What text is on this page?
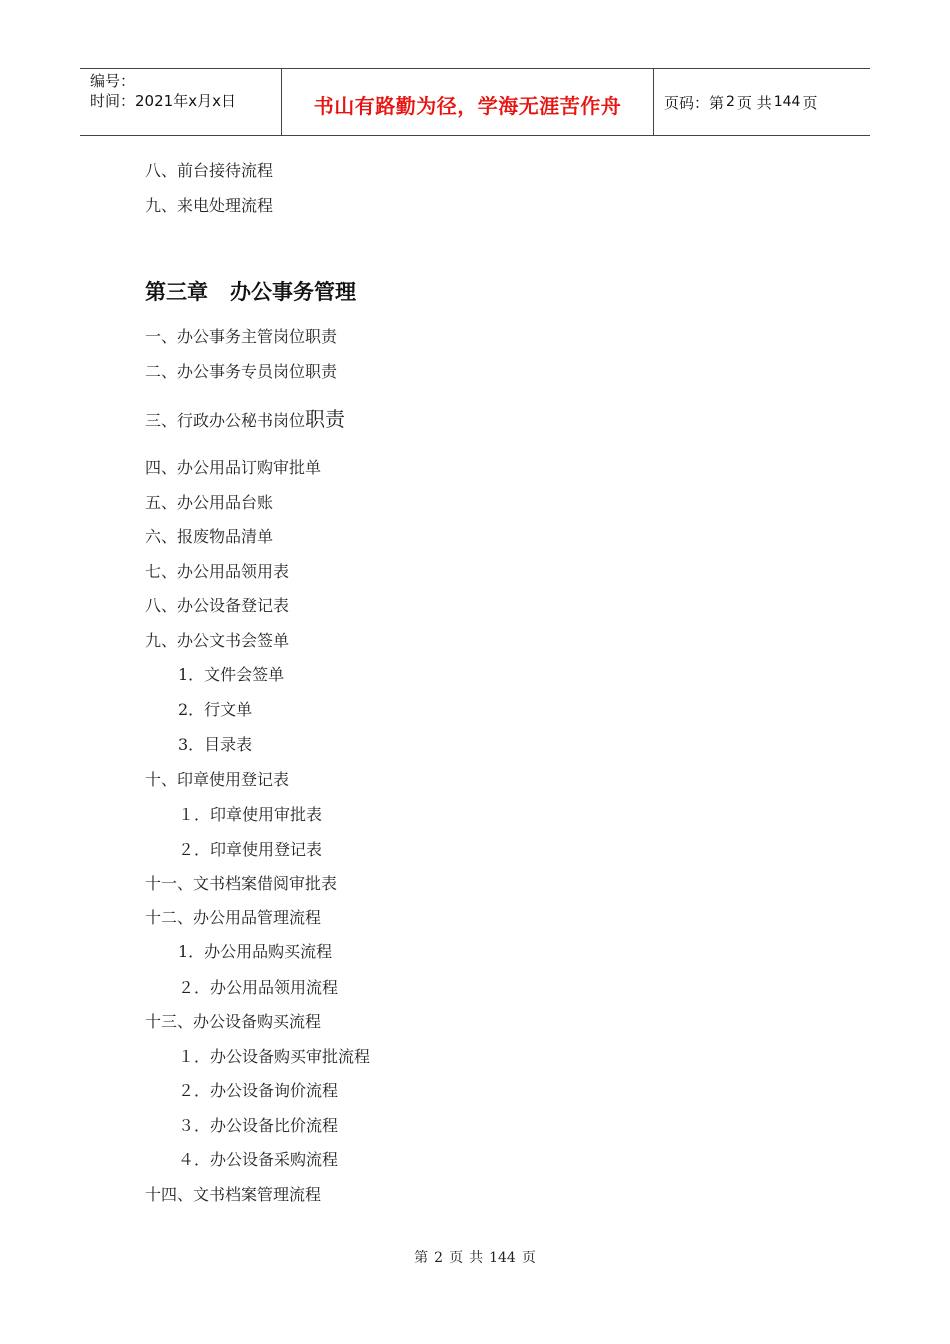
编号：
时间：2021年x月x日	书山有路勤为径，学海无涯苦作舟	页码：第 2 页 共 144 页
八、前台接待流程
九、来电处理流程
第三章 办公事务管理
一、办公事务主管岗位职责
二、办公事务专员岗位职责
三、行政办公秘书岗位职责
四、办公用品订购审批单
五、办公用品台账
六、报废物品清单
七、办公用品领用表
八、办公设备登记表
九、办公文书会签单
1．文件会签单
2．行文单
3．目录表
十、印章使用登记表
１．印章使用审批表
２．印章使用登记表
十一、文书档案借阅审批表
十二、办公用品管理流程
1．办公用品购买流程
２．办公用品领用流程
十三、办公设备购买流程
１．办公设备购买审批流程
２．办公设备询价流程
３．办公设备比价流程
４．办公设备采购流程
十四、文书档案管理流程
第 2 页 共 144 页
